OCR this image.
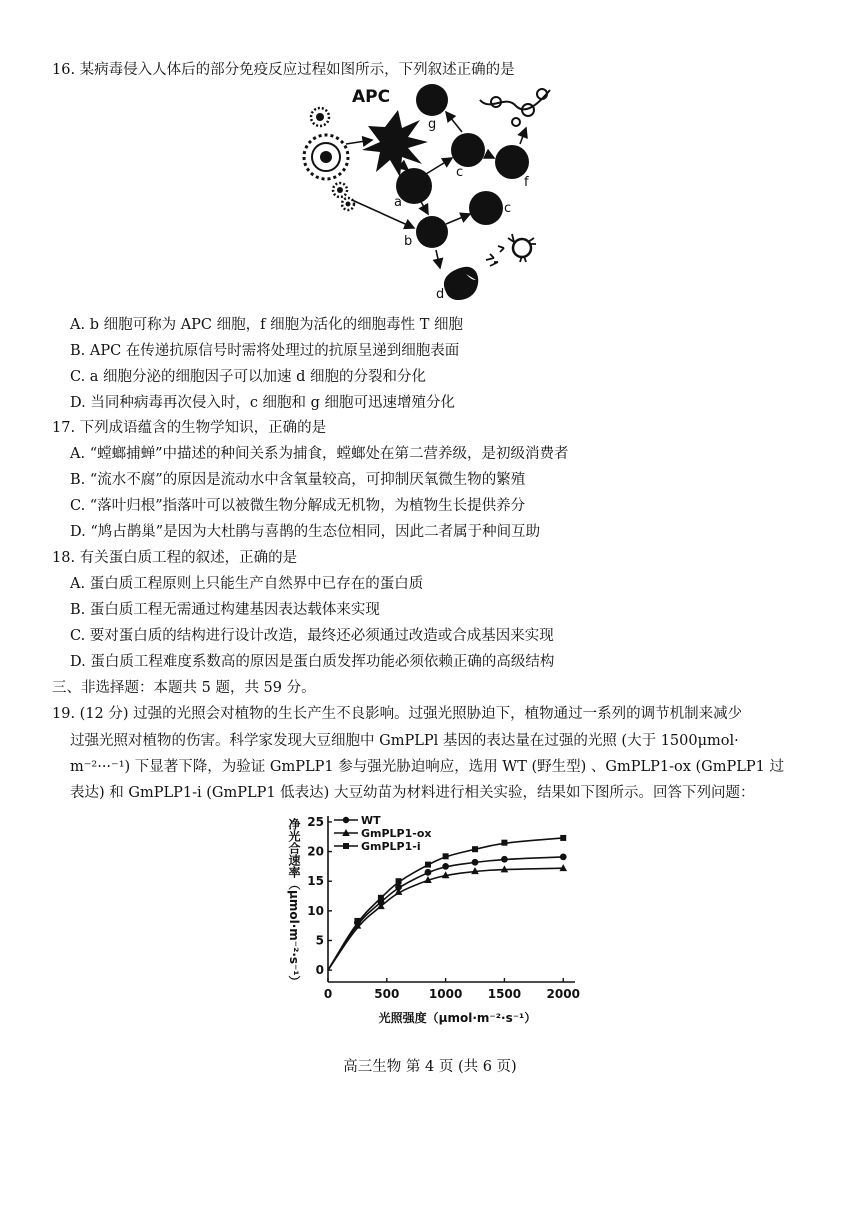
16. 某病毒侵入人体后的部分免疫反应过程如图所示，下列叙述正确的是
APC
g
c
f
a	c
b
d
A. b 细胞可称为 APC 细胞，f 细胞为活化的细胞毒性 T 细胞
B. APC 在传递抗原信号时需将处理过的抗原呈递到细胞表面
C. a 细胞分泌的细胞因子可以加速 d 细胞的分裂和分化
D. 当同种病毒再次侵入时，c 细胞和 g 细胞可迅速增殖分化
17. 下列成语蕴含的生物学知识，正确的是
A. “螳螂捕蝉”中描述的种间关系为捕食，螳螂处在第二营养级，是初级消费者
B. “流水不腐”的原因是流动水中含氧量较高，可抑制厌氧微生物的繁殖
C. “落叶归根”指落叶可以被微生物分解成无机物，为植物生长提供养分
D. “鸠占鹊巢”是因为大杜鹃与喜鹊的生态位相同，因此二者属于种间互助
18. 有关蛋白质工程的叙述，正确的是
A. 蛋白质工程原则上只能生产自然界中已存在的蛋白质
B. 蛋白质工程无需通过构建基因表达载体来实现
C. 要对蛋白质的结构进行设计改造，最终还必须通过改造或合成基因来实现
D. 蛋白质工程难度系数高的原因是蛋白质发挥功能必须依赖正确的高级结构
三、非选择题：本题共 5 题，共 59 分。
19. (12 分) 过强的光照会对植物的生长产生不良影响。过强光照胁迫下，植物通过一系列的调节机制来减少
过强光照对植物的伤害。科学家发现大豆细胞中 GmPLPl 基因的表达量在过强的光照 (大于 1500μmol·
m⁻²···⁻¹) 下显著下降，为验证 GmPLP1 参与强光胁迫响应，选用 WT (野生型) 、GmPLP1-ox (GmPLP1 过
表达) 和 GmPLP1-i (GmPLP1 低表达) 大豆幼苗为材料进行相关实验，结果如下图所示。回答下列问题：
0
5
10
15
20
25
0	500 1000 1500 2000
光照强度（μmol·m⁻²·s⁻¹）
净光合速率（μmol·m⁻²·s⁻¹）	WT
GmPLP1-ox
GmPLP1-i
高三生物 第 4 页 (共 6 页)
